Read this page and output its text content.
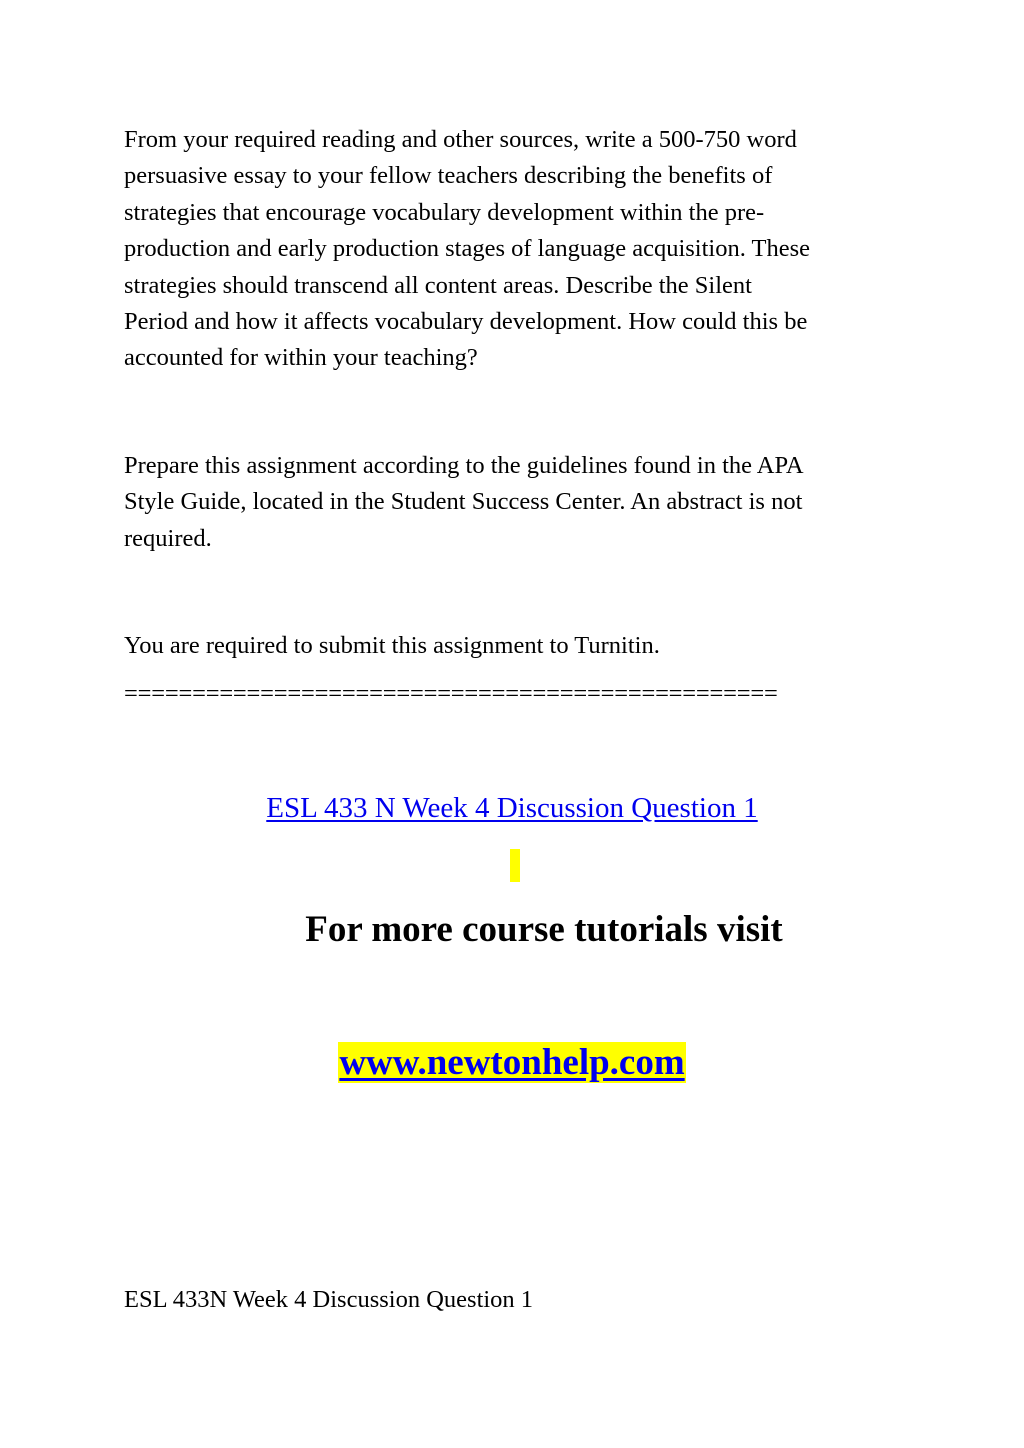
From your required reading and other sources, write a 500-750 word
persuasive essay to your fellow teachers describing the benefits of
strategies that encourage vocabulary development within the pre-
production and early production stages of language acquisition. These
strategies should transcend all content areas. Describe the Silent
Period and how it affects vocabulary development. How could this be
accounted for within your teaching?
Prepare this assignment according to the guidelines found in the APA
Style Guide, located in the Student Success Center. An abstract is not
required.

You are required to submit this assignment to Turnitin.

================================================

ESL 433 N Week 4 Discussion Question 1

For more course tutorials visit

www.newtonhelp.com

ESL 433N Week 4 Discussion Question 1
